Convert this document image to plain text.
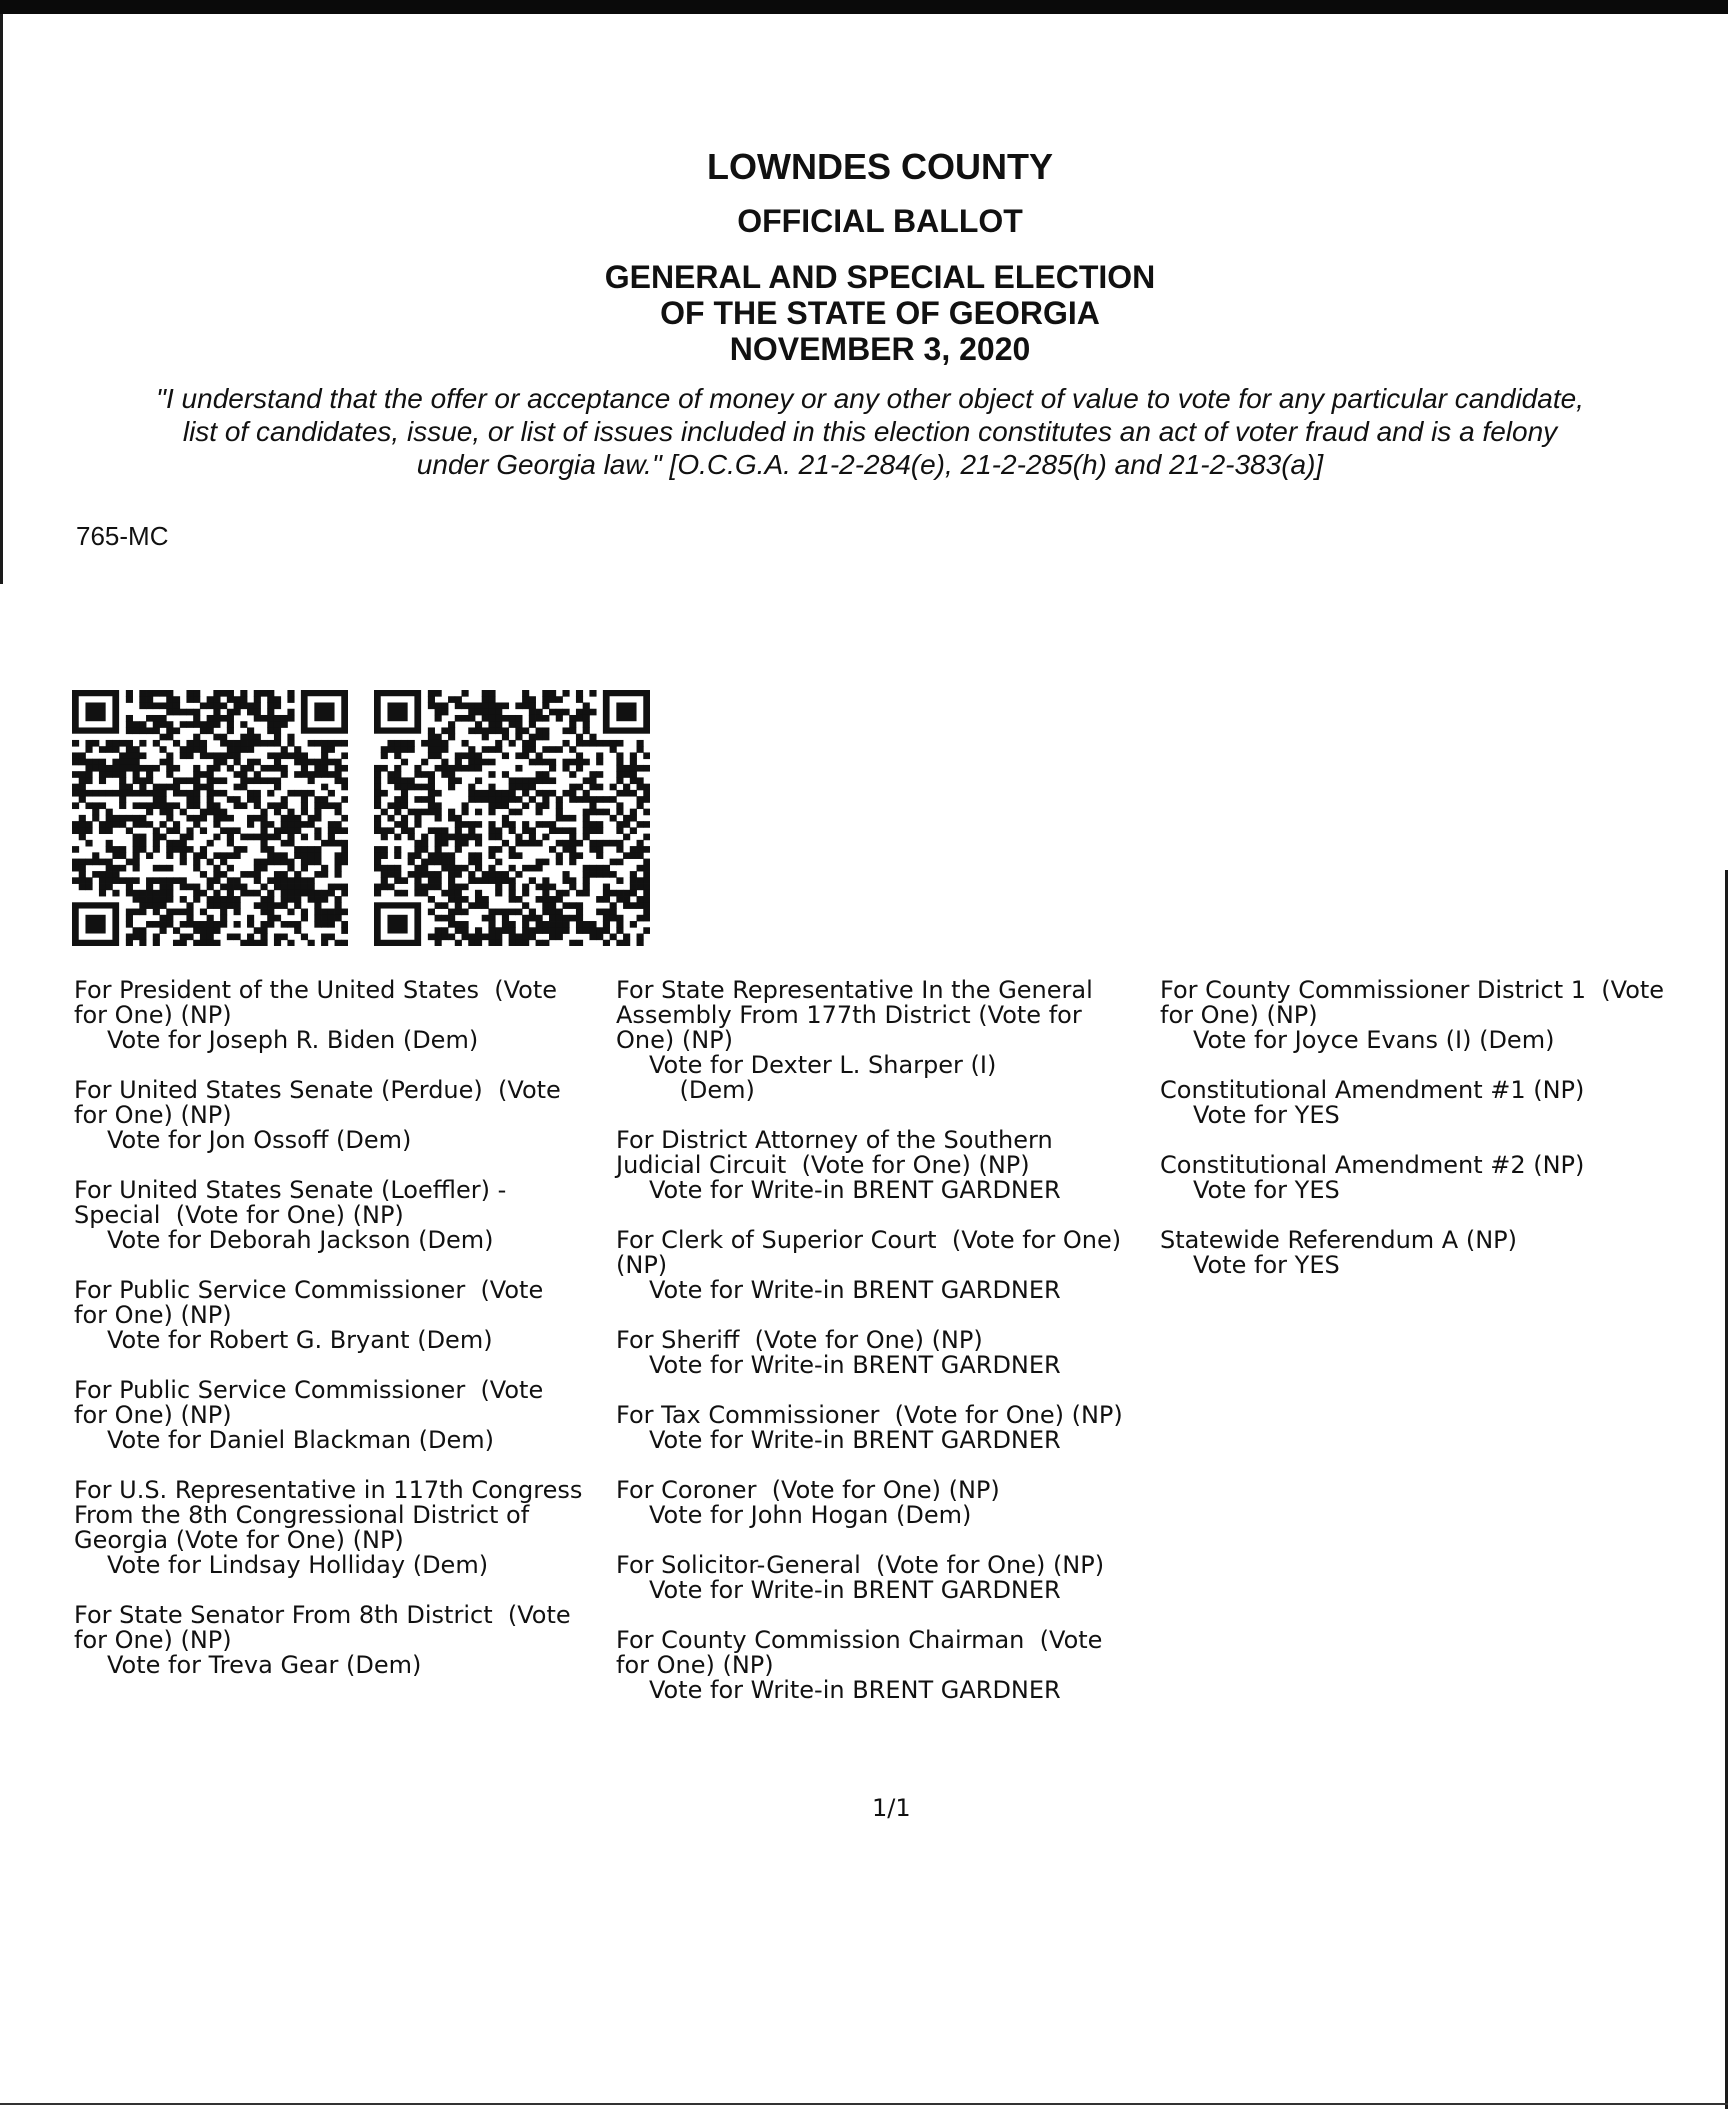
LOWNDES COUNTY
OFFICIAL BALLOT
GENERAL AND SPECIAL ELECTION
OF THE STATE OF GEORGIA
NOVEMBER 3, 2020
"I understand that the offer or acceptance of money or any other object of value to vote for any particular candidate,
list of candidates, issue, or list of issues included in this election constitutes an act of voter fraud and is a felony
under Georgia law." [O.C.G.A. 21-2-284(e), 21-2-285(h) and 21-2-383(a)]
765-MC
For President of the United States  (Vote
for One) (NP)
Vote for Joseph R. Biden (Dem)
For United States Senate (Perdue)  (Vote
for One) (NP)
Vote for Jon Ossoff (Dem)
For United States Senate (Loeffler) -
Special  (Vote for One) (NP)
Vote for Deborah Jackson (Dem)
For Public Service Commissioner  (Vote
for One) (NP)
Vote for Robert G. Bryant (Dem)
For Public Service Commissioner  (Vote
for One) (NP)
Vote for Daniel Blackman (Dem)
For U.S. Representative in 117th Congress
From the 8th Congressional District of
Georgia (Vote for One) (NP)
Vote for Lindsay Holliday (Dem)
For State Senator From 8th District  (Vote
for One) (NP)
Vote for Treva Gear (Dem)
For State Representative In the General
Assembly From 177th District (Vote for
One) (NP)
Vote for Dexter L. Sharper (I)
(Dem)
For District Attorney of the Southern
Judicial Circuit  (Vote for One) (NP)
Vote for Write-in BRENT GARDNER
For Clerk of Superior Court  (Vote for One)
(NP)
Vote for Write-in BRENT GARDNER
For Sheriff  (Vote for One) (NP)
Vote for Write-in BRENT GARDNER
For Tax Commissioner  (Vote for One) (NP)
Vote for Write-in BRENT GARDNER
For Coroner  (Vote for One) (NP)
Vote for John Hogan (Dem)
For Solicitor-General  (Vote for One) (NP)
Vote for Write-in BRENT GARDNER
For County Commission Chairman  (Vote
for One) (NP)
Vote for Write-in BRENT GARDNER
For County Commissioner District 1  (Vote
for One) (NP)
Vote for Joyce Evans (I) (Dem)
Constitutional Amendment #1 (NP)
Vote for YES
Constitutional Amendment #2 (NP)
Vote for YES
Statewide Referendum A (NP)
Vote for YES
1/1
